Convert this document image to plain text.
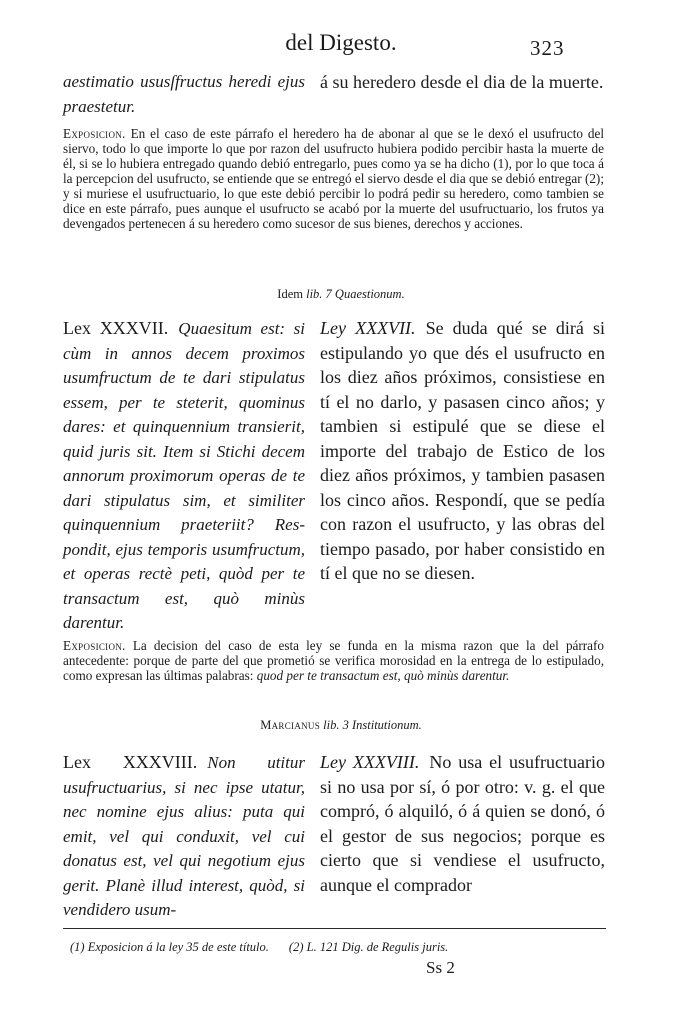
del Digesto.	323
aestimatio ususſfructus heredi ejus praestetur.
á su heredero desde el dia de la muerte.
Exposicion. En el caso de este párrafo el heredero ha de abonar al que se le dexó el usufructo del siervo, todo lo que importe lo que por razon del usufructo hubiera podido percibir hasta la muerte de él, si se lo hubiera entregado quando debió entregarlo, pues como ya se ha dicho (1), por lo que toca á la percepcion del usufructo, se entiende que se entregó el siervo desde el dia que se debió entregar (2); y si muriese el usufructuario, lo que este debió percibir lo podrá pedir su heredero, como tambien se dice en este párrafo, pues aunque el usufructo se acabó por la muerte del usufructuario, los frutos ya devengados pertenecen á su heredero como sucesor de sus bienes, derechos y acciones.
Idem lib. 7 Quaestionum.
Lex XXXVII. Quaesitum est: si cùm in annos decem proximos usumfructum de te dari stipulatus essem, per te steterit, quominus dares: et quinquennium transierit, quid juris sit. Item si Stichi decem annorum proximorum operas de te dari stipulatus sim, et similiter quinquennium praeteriit? Respondit, ejus temporis usumfructum, et operas rectè peti, quòd per te transactum est, quò minùs darentur.
Ley XXXVII. Se duda qué se dirá si estipulando yo que dés el usufructo en los diez años próximos, consistiese en tí el no darlo, y pasasen cinco años; y tambien si estipulé que se diese el importe del trabajo de Estico de los diez años próximos, y tambien pasasen los cinco años. Respondí, que se pedía con razon el usufructo, y las obras del tiempo pasado, por haber consistido en tí el que no se diesen.
Exposicion. La decision del caso de esta ley se funda en la misma razon que la del párrafo antecedente: porque de parte del que prometió se verifica morosidad en la entrega de lo estipulado, como expresan las últimas palabras: quod per te transactum est, quò minùs darentur.
Marcianus lib. 3 Institutionum.
Lex XXXVIII. Non utitur usufructuarius, si nec ipse utatur, nec nomine ejus alius: puta qui emit, vel qui conduxit, vel cui donatus est, vel qui negotium ejus gerit. Planè illud interest, quòd, si vendidero usum-
Ley XXXVIII. No usa el usufructuario si no usa por sí, ó por otro: v. g. el que compró, ó alquiló, ó á quien se donó, ó el gestor de sus negocios; porque es cierto que si vendiese el usufructo, aunque el comprador
(1) Exposicion á la ley 35 de este título. (2) L. 121 Dig. de Regulis juris.
Ss 2
